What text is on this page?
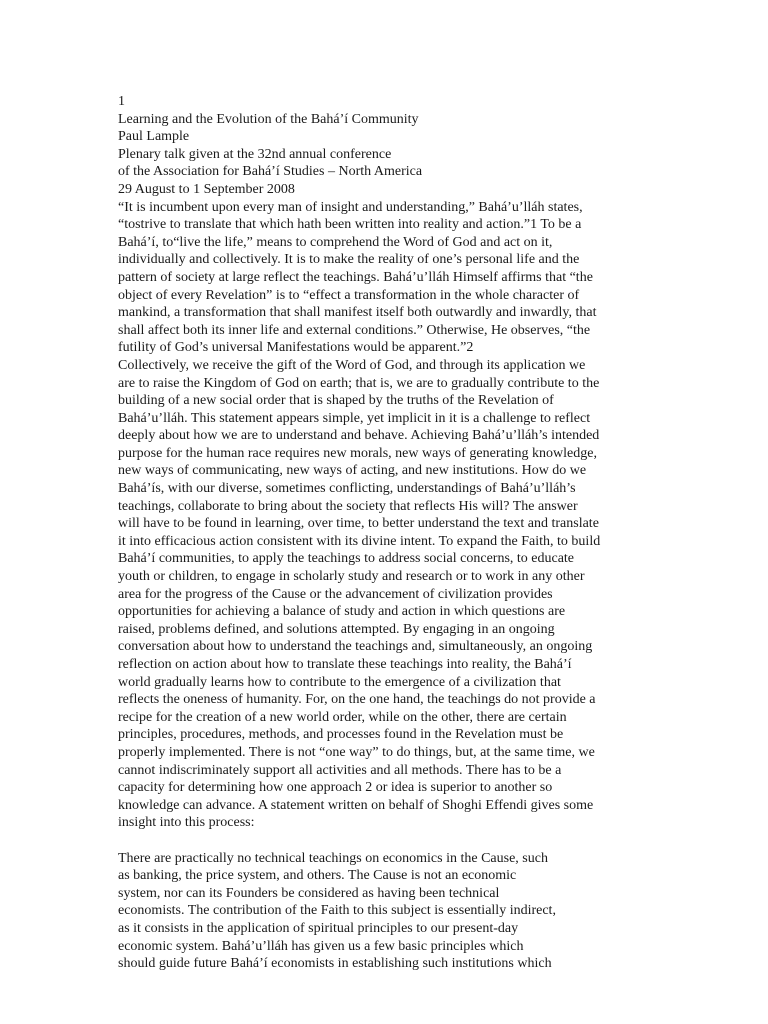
1
Learning and the Evolution of the Bahá’í Community
Paul Lample
Plenary talk given at the 32nd annual conference
of the Association for Bahá’í Studies – North America
29 August to 1 September 2008
“It is incumbent upon every man of insight and understanding,” Bahá’u’lláh states,
“tostrive to translate that which hath been written into reality and action.”1 To be a
Bahá’í, to“live the life,” means to comprehend the Word of God and act on it,
individually and collectively. It is to make the reality of one’s personal life and the
pattern of society at large reflect the teachings. Bahá’u’lláh Himself affirms that “the
object of every Revelation” is to “effect a transformation in the whole character of
mankind, a transformation that shall manifest itself both outwardly and inwardly, that
shall affect both its inner life and external conditions.” Otherwise, He observes, “the
futility of God’s universal Manifestations would be apparent.”2
Collectively, we receive the gift of the Word of God, and through its application we
are to raise the Kingdom of God on earth; that is, we are to gradually contribute to the
building of a new social order that is shaped by the truths of the Revelation of
Bahá’u’lláh. This statement appears simple, yet implicit in it is a challenge to reflect
deeply about how we are to understand and behave. Achieving Bahá’u’lláh’s intended
purpose for the human race requires new morals, new ways of generating knowledge,
new ways of communicating, new ways of acting, and new institutions. How do we
Bahá’ís, with our diverse, sometimes conflicting, understandings of Bahá’u’lláh’s
teachings, collaborate to bring about the society that reflects His will? The answer
will have to be found in learning, over time, to better understand the text and translate
it into efficacious action consistent with its divine intent. To expand the Faith, to build
Bahá’í communities, to apply the teachings to address social concerns, to educate
youth or children, to engage in scholarly study and research or to work in any other
area for the progress of the Cause or the advancement of civilization provides
opportunities for achieving a balance of study and action in which questions are
raised, problems defined, and solutions attempted. By engaging in an ongoing
conversation about how to understand the teachings and, simultaneously, an ongoing
reflection on action about how to translate these teachings into reality, the Bahá’í
world gradually learns how to contribute to the emergence of a civilization that
reflects the oneness of humanity. For, on the one hand, the teachings do not provide a
recipe for the creation of a new world order, while on the other, there are certain
principles, procedures, methods, and processes found in the Revelation must be
properly implemented. There is not “one way” to do things, but, at the same time, we
cannot indiscriminately support all activities and all methods. There has to be a
capacity for determining how one approach 2 or idea is superior to another so
knowledge can advance. A statement written on behalf of Shoghi Effendi gives some
insight into this process:
There are practically no technical teachings on economics in the Cause, such
as banking, the price system, and others. The Cause is not an economic
system, nor can its Founders be considered as having been technical
economists. The contribution of the Faith to this subject is essentially indirect,
as it consists in the application of spiritual principles to our present-day
economic system. Bahá’u’lláh has given us a few basic principles which
should guide future Bahá’í economists in establishing such institutions which
